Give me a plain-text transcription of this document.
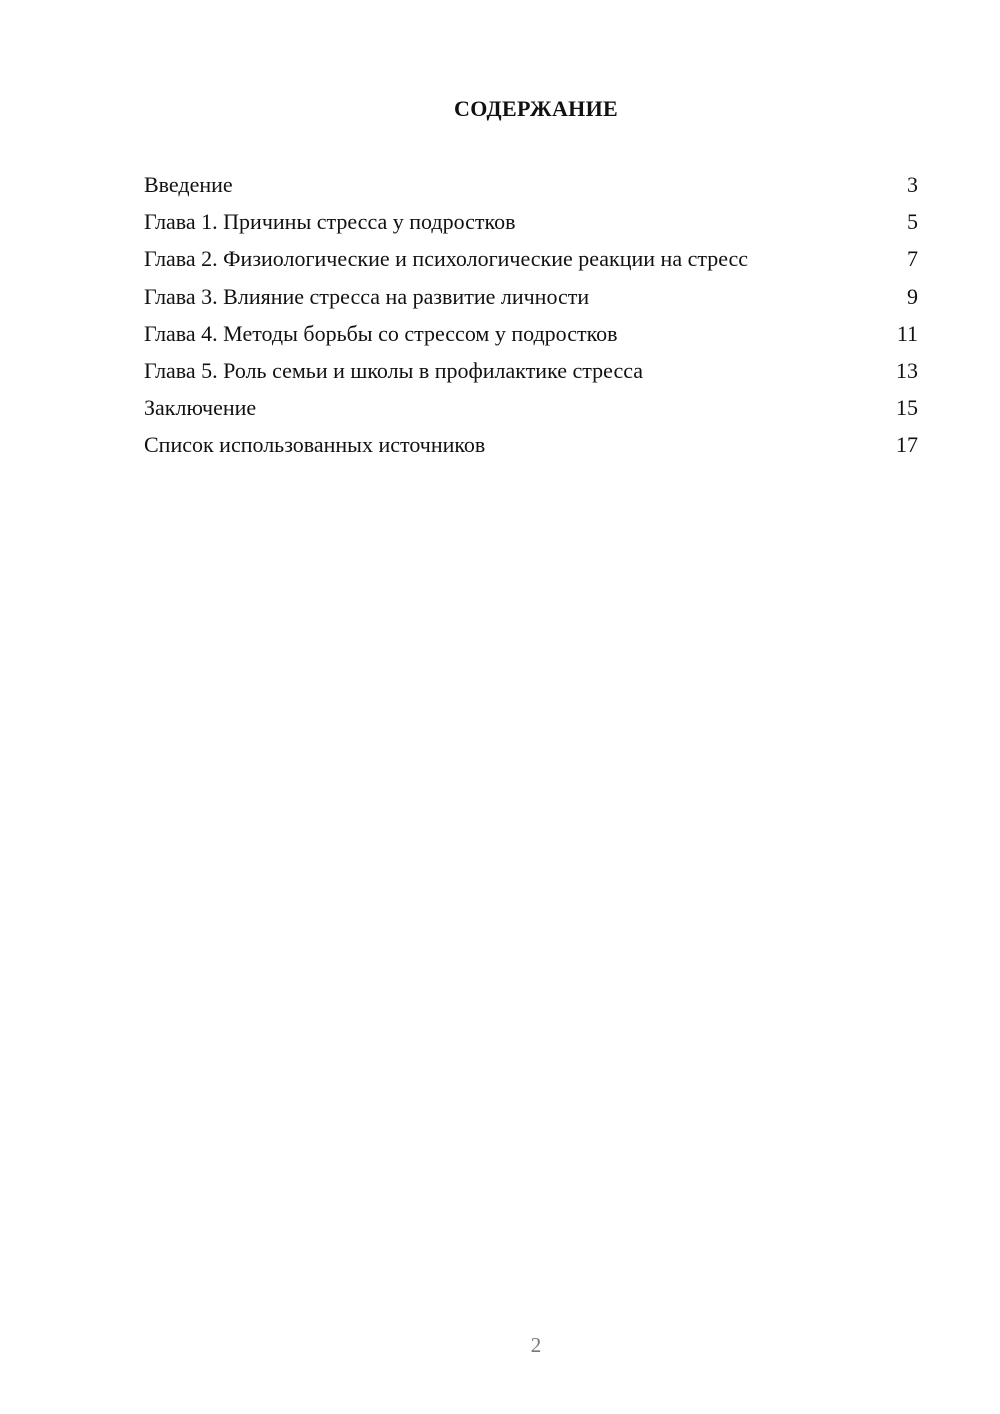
СОДЕРЖАНИЕ
Введение	3
Глава 1. Причины стресса у подростков	5
Глава 2. Физиологические и психологические реакции на стресс	7
Глава 3. Влияние стресса на развитие личности	9
Глава 4. Методы борьбы со стрессом у подростков	11
Глава 5. Роль семьи и школы в профилактике стресса	13
Заключение	15
Список использованных источников	17
2
